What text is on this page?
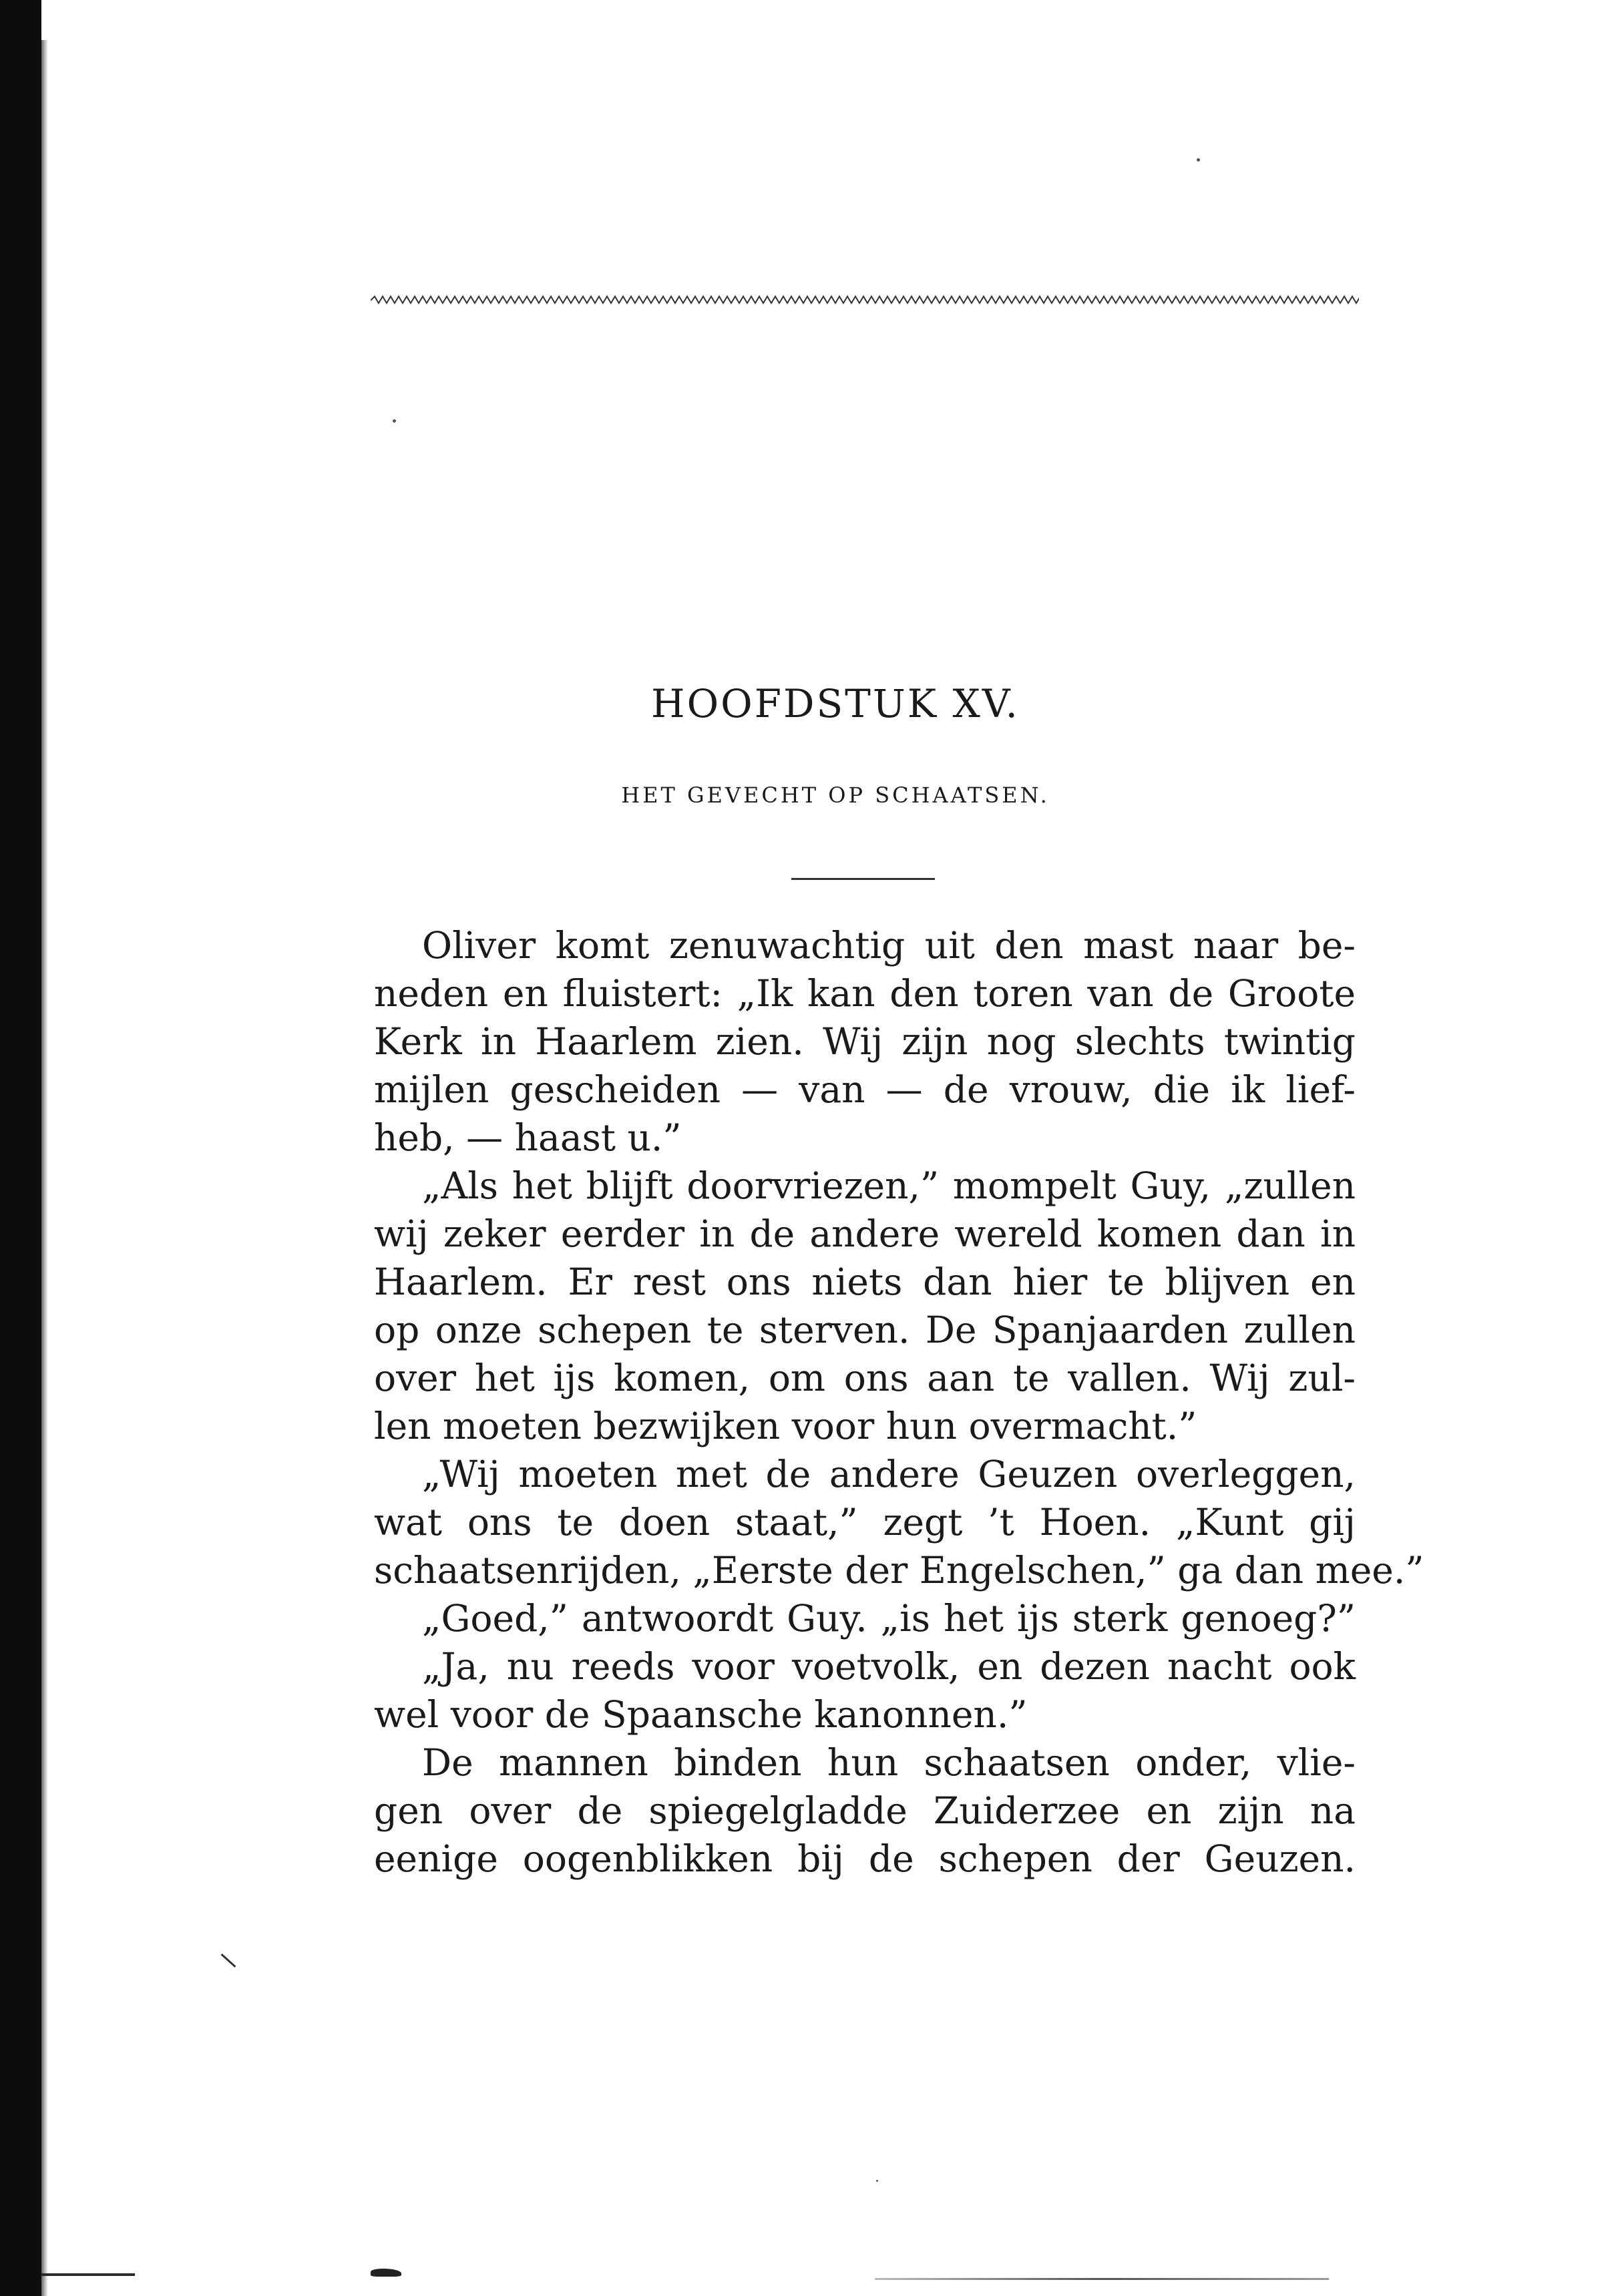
HOOFDSTUK XV.
HET GEVECHT OP SCHAATSEN.
Oliver komt zenuwachtig uit den mast naar be-
neden en fluistert: „Ik kan den toren van de Groote
Kerk in Haarlem zien. Wij zijn nog slechts twintig
mijlen gescheiden — van — de vrouw, die ik lief-
heb, — haast u.”
„Als het blijft doorvriezen,” mompelt Guy, „zullen
wij zeker eerder in de andere wereld komen dan in
Haarlem. Er rest ons niets dan hier te blijven en
op onze schepen te sterven. De Spanjaarden zullen
over het ijs komen, om ons aan te vallen. Wij zul-
len moeten bezwijken voor hun overmacht.”
„Wij moeten met de andere Geuzen overleggen,
wat ons te doen staat,” zegt ’t Hoen. „Kunt gij
schaatsenrijden, „Eerste der Engelschen,” ga dan mee.”
„Goed,” antwoordt Guy. „is het ijs sterk genoeg?”
„Ja, nu reeds voor voetvolk, en dezen nacht ook
wel voor de Spaansche kanonnen.”
De mannen binden hun schaatsen onder, vlie-
gen over de spiegelgladde Zuiderzee en zijn na
eenige oogenblikken bij de schepen der Geuzen.
